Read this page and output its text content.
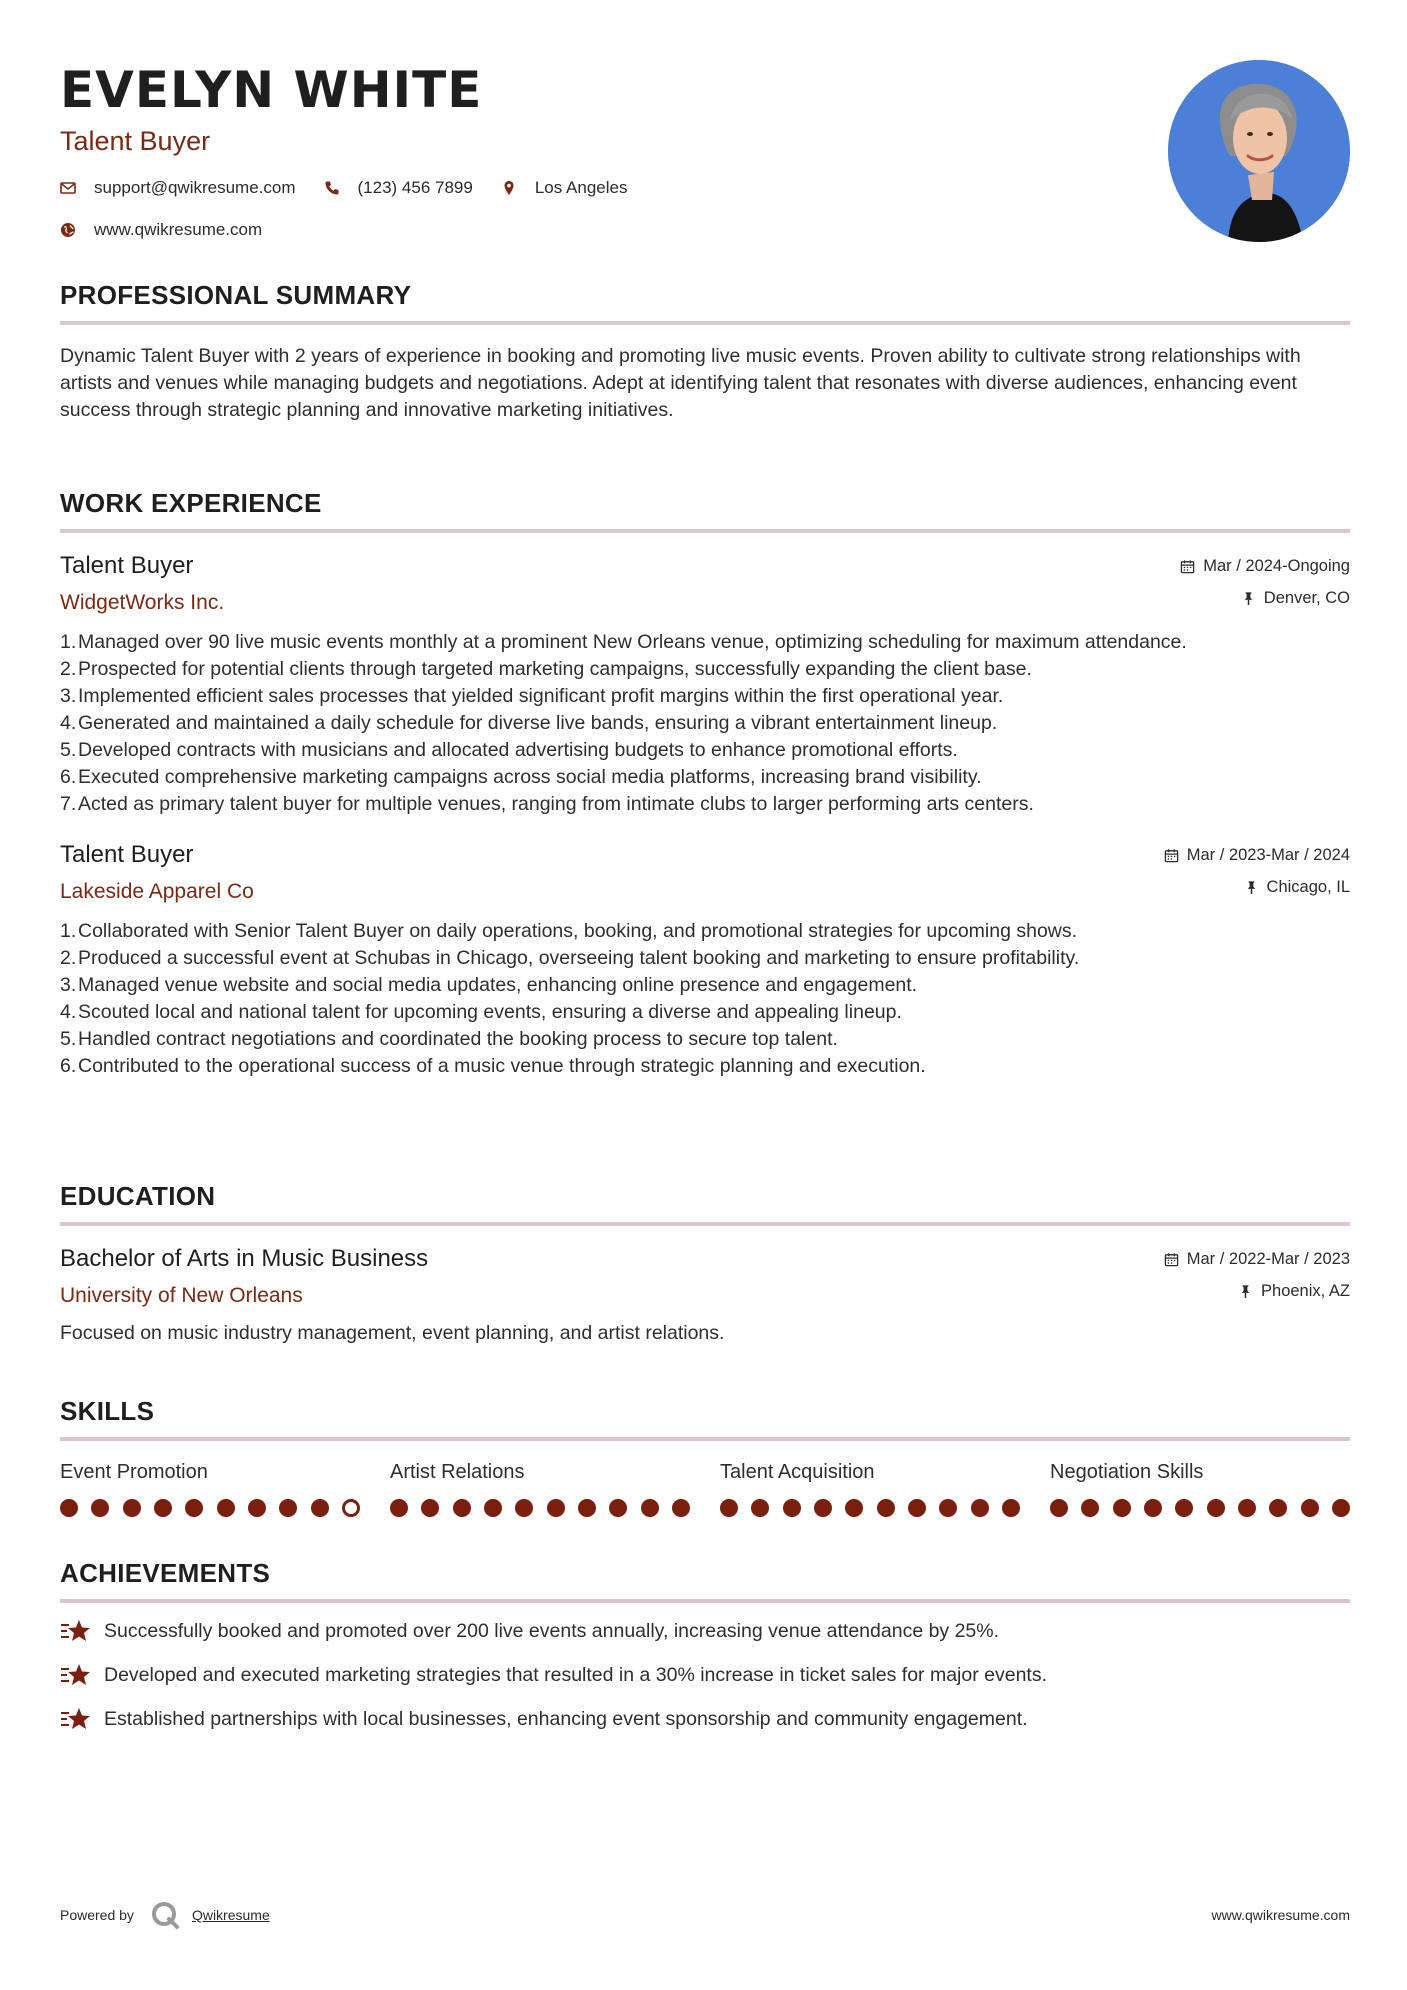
EVELYN WHITE
Talent Buyer
support@qwikresume.com	(123) 456 7899	Los Angeles
www.qwikresume.com
PROFESSIONAL SUMMARY
Dynamic Talent Buyer with 2 years of experience in booking and promoting live music events. Proven ability to cultivate strong relationships with artists and venues while managing budgets and negotiations. Adept at identifying talent that resonates with diverse audiences, enhancing event success through strategic planning and innovative marketing initiatives.
WORK EXPERIENCE
Talent Buyer
WidgetWorks Inc.
Mar / 2024-Ongoing
Denver, CO
1. Managed over 90 live music events monthly at a prominent New Orleans venue, optimizing scheduling for maximum attendance.
2. Prospected for potential clients through targeted marketing campaigns, successfully expanding the client base.
3. Implemented efficient sales processes that yielded significant profit margins within the first operational year.
4. Generated and maintained a daily schedule for diverse live bands, ensuring a vibrant entertainment lineup.
5. Developed contracts with musicians and allocated advertising budgets to enhance promotional efforts.
6. Executed comprehensive marketing campaigns across social media platforms, increasing brand visibility.
7. Acted as primary talent buyer for multiple venues, ranging from intimate clubs to larger performing arts centers.
Talent Buyer
Lakeside Apparel Co
Mar / 2023-Mar / 2024
Chicago, IL
1. Collaborated with Senior Talent Buyer on daily operations, booking, and promotional strategies for upcoming shows.
2. Produced a successful event at Schubas in Chicago, overseeing talent booking and marketing to ensure profitability.
3. Managed venue website and social media updates, enhancing online presence and engagement.
4. Scouted local and national talent for upcoming events, ensuring a diverse and appealing lineup.
5. Handled contract negotiations and coordinated the booking process to secure top talent.
6. Contributed to the operational success of a music venue through strategic planning and execution.
EDUCATION
Bachelor of Arts in Music Business
University of New Orleans
Mar / 2022-Mar / 2023
Phoenix, AZ
Focused on music industry management, event planning, and artist relations.
SKILLS
Event Promotion	Artist Relations	Talent Acquisition	Negotiation Skills
ACHIEVEMENTS
Successfully booked and promoted over 200 live events annually, increasing venue attendance by 25%.
Developed and executed marketing strategies that resulted in a 30% increase in ticket sales for major events.
Established partnerships with local businesses, enhancing event sponsorship and community engagement.
Powered by	Qwikresume	www.qwikresume.com
